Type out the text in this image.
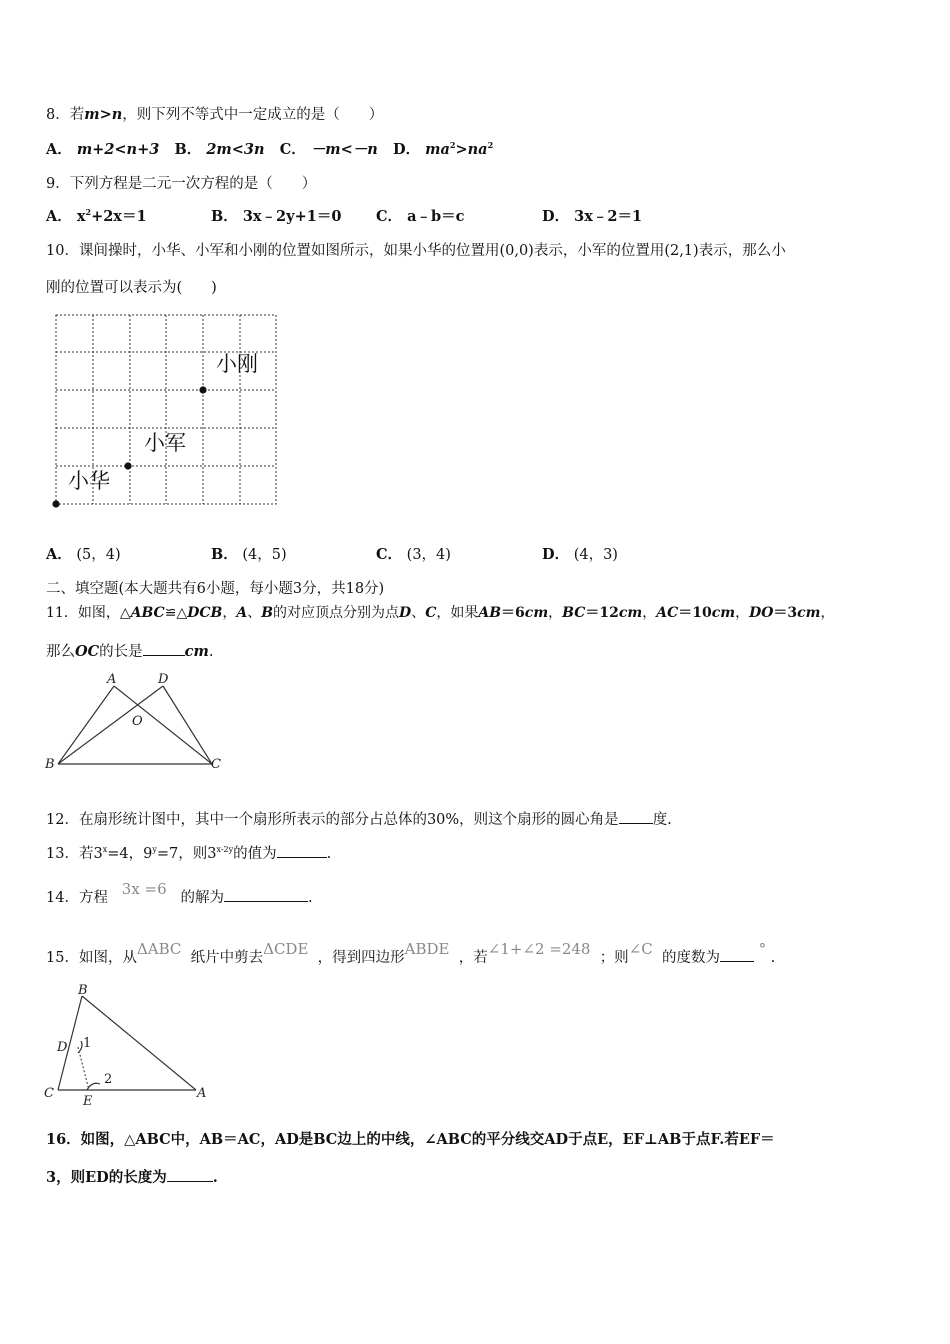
8．若m>n，则下列不等式中一定成立的是（　　）
A． m+2<n+3 B． 2m<3n C． －m<－n D． $ma^2>na^2$
9．下列方程是二元一次方程的是（　　）
A． $x^2+2x=1$	B． 3x﹣2y+1＝0 C． a﹣b＝c	D． 3x﹣2＝1
10．课间操时，小华、小军和小刚的位置如图所示，如果小华的位置用(0,0)表示，小军的位置用(2,1)表示，那么小
刚的位置可以表示为(　　)
小刚
小军
小华
A． (5，4)	B． (4，5)	C． (3，4)	D． (4，3)
二、填空题(本大题共有6小题，每小题3分，共18分)
11．如图，△ABC≌△DCB，A、B的对应顶点分别为点D、C，如果AB＝6cm，BC＝12cm，AC＝10cm，DO＝3cm，
那么OC的长是	cm.
A	D
O
B	C
12．在扇形统计图中，其中一个扇形所表示的部分占总体的30%，则这个扇形的圆心角是 度.
13．若$3^x=4$，$9^y=7$，则$3^{x-2y}$的值为	.
14．方程 3x =6 的解为	.
15．如图，从ΔABC 纸片中剪去ΔCDE ，得到四边形ABDE ，若∠1+∠2 =248 ；则∠C 的度数为	° .
B
D 1
2
C
E
A
16．如图，△ABC中，AB＝AC，AD是BC边上的中线，∠ABC的平分线交AD于点E，EF⊥AB于点F.若EF＝
3，则ED的长度为	.
